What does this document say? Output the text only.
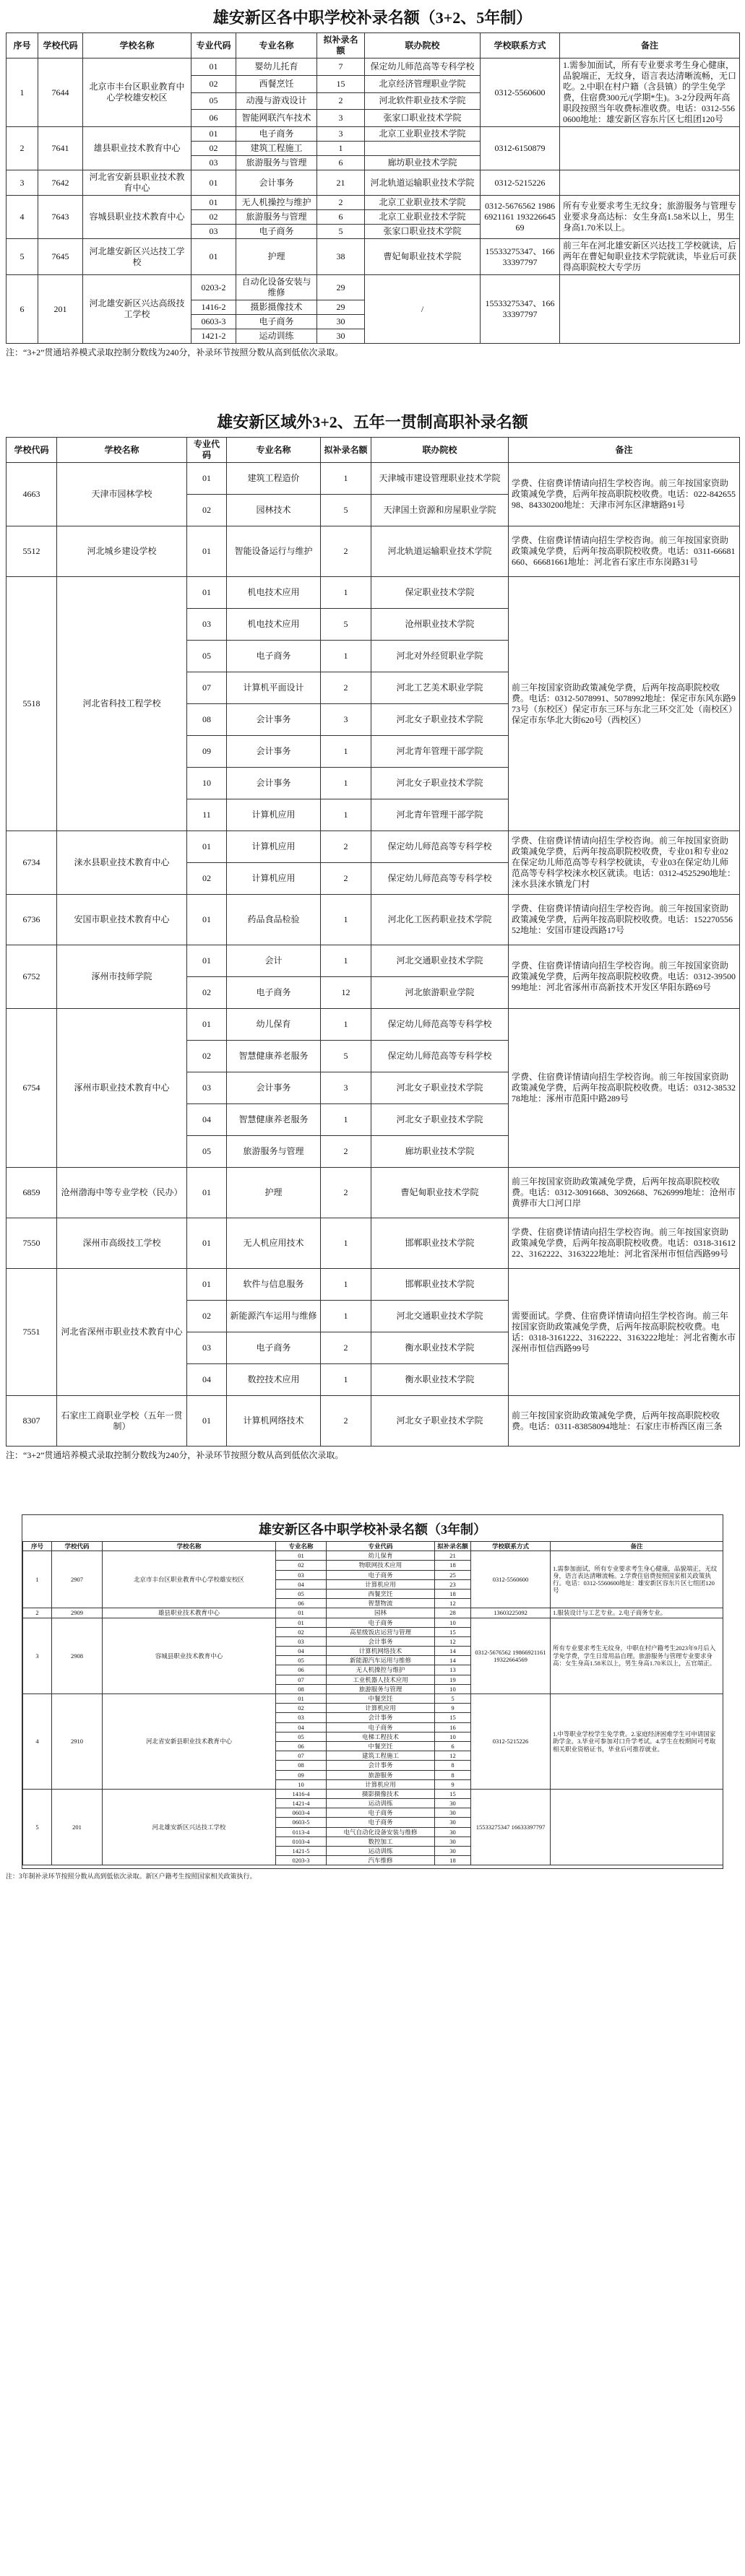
雄安新区各中职学校补录名额（3+2、5年制）
序号	学校代码	学校名称	专业代码	专业名称	拟补录名额	联办院校	学校联系方式	备注
1	7644	北京市丰台区职业教育中心学校雄安校区	01	婴幼儿托育	7	保定幼儿师范高等专科学校	0312-5560600	1.需参加面试，所有专业要求考生身心健康，品貌端正，无纹身，语言表达清晰流畅，无口吃。2.中职在村户籍（含县镇）的学生免学费，住宿费300元/(学期*生)。3-2分段两年高职段按照当年收费标准收费。电话：0312-5560600地址：雄安新区容东片区七组团120号
			02	西餐烹饪	15	北京经济管理职业学院		
			05	动漫与游戏设计	2	河北软件职业技术学院		
			06	智能网联汽车技术	3	张家口职业技术学院		
2	7641	雄县职业技术教育中心	01	电子商务	3	北京工业职业技术学院	0312-6150879	
			02	建筑工程施工	1			
			03	旅游服务与管理	6	廊坊职业技术学院		
3	7642	河北省安新县职业技术教育中心	01	会计事务	21	河北轨道运输职业技术学院	0312-5215226	
4	7643	容城县职业技术教育中心	01	无人机操控与维护	2	北京工业职业技术学院	0312-5676562 19866921161 19322664569	所有专业要求考生无纹身；旅游服务与管理专业要求身高达标：女生身高1.58米以上，男生身高1.70米以上。
			02	旅游服务与管理	6	北京工业职业技术学院		
			03	电子商务	5	张家口职业技术学院		
5	7645	河北雄安新区兴达技工学校	01	护理	38	曹妃甸职业技术学院	15533275347、16633397797	前三年在河北雄安新区兴达技工学校就读，后两年在曹妃甸职业技术学院就读，毕业后可获得高职院校大专学历
6	201	河北雄安新区兴达高级技工学校	0203-2	自动化设备安装与维修	29	/	15533275347、16633397797	
			1416-2	摄影摄像技术	29			
			0603-3	电子商务	30			
			1421-2	运动训练	30			
注：“3+2”贯通培养模式录取控制分数线为240分，补录环节按照分数从高到低依次录取。
雄安新区域外3+2、五年一贯制高职补录名额
学校代码	学校名称	专业代码	专业名称	拟补录名额	联办院校	备注
4663	天津市园林学校	01	建筑工程造价	1	天津城市建设管理职业技术学院	学费、住宿费详情请向招生学校咨询。前三年按国家资助政策减免学费，后两年按高职院校收费。电话：022-84265598、84330200地址：天津市河东区津塘路91号
		02	园林技术	5	天津国土资源和房屋职业学院	
5512	河北城乡建设学校	01	智能设备运行与维护	2	河北轨道运输职业技术学院	学费、住宿费详情请向招生学校咨询。前三年按国家资助政策减免学费，后两年按高职院校收费。电话：0311-66681660、66681661地址：河北省石家庄市东岗路31号
5518	河北省科技工程学校	01	机电技术应用	1	保定职业技术学院	前三年按国家资助政策减免学费，后两年按高职院校收费。电话：0312-5078991、5078992地址：保定市东风东路973号（东校区）保定市东三环与东北三环交汇处（南校区）保定市东华北大街620号（西校区）
		03	机电技术应用	5	沧州职业技术学院	
		05	电子商务	1	河北对外经贸职业学院	
		07	计算机平面设计	2	河北工艺美术职业学院	
		08	会计事务	3	河北女子职业技术学院	
		09	会计事务	1	河北青年管理干部学院	
		10	会计事务	1	河北女子职业技术学院	
		11	计算机应用	1	河北青年管理干部学院	
6734	涞水县职业技术教育中心	01	计算机应用	2	保定幼儿师范高等专科学校	学费、住宿费详情请向招生学校咨询。前三年按国家资助政策减免学费，后两年按高职院校收费，专业01和专业02在保定幼儿师范高等专科学校就读，专业03在保定幼儿师范高等专科学校涞水校区就读。电话：0312-4525290地址：涞水县涞水镇龙门村
		02	计算机应用	2	保定幼儿师范高等专科学校	
6736	安国市职业技术教育中心	01	药品食品检验	1	河北化工医药职业技术学院	学费、住宿费详情请向招生学校咨询。前三年按国家资助政策减免学费，后两年按高职院校收费。电话：15227055652地址：安国市建设西路17号
6752	涿州市技师学院	01	会计	1	河北交通职业技术学院	学费、住宿费详情请向招生学校咨询。前三年按国家资助政策减免学费，后两年按高职院校收费。电话：0312-3950099地址：河北省涿州市高新技术开发区华阳东路69号
		02	电子商务	12	河北旅游职业学院	
6754	涿州市职业技术教育中心	01	幼儿保育	1	保定幼儿师范高等专科学校	学费、住宿费详情请向招生学校咨询。前三年按国家资助政策减免学费，后两年按高职院校收费。电话：0312-3853278地址：涿州市范阳中路289号
		02	智慧健康养老服务	5	保定幼儿师范高等专科学校	
		03	会计事务	3	河北女子职业技术学院	
		04	智慧健康养老服务	1	河北女子职业技术学院	
		05	旅游服务与管理	2	廊坊职业技术学院	
6859	沧州渤海中等专业学校（民办）	01	护理	2	曹妃甸职业技术学院	前三年按国家资助政策减免学费，后两年按高职院校收费。电话：0312-3091668、3092668、7626999地址：沧州市黄骅市大口河口岸
7550	深州市高级技工学校	01	无人机应用技术	1	邯郸职业技术学院	学费、住宿费详情请向招生学校咨询。前三年按国家资助政策减免学费，后两年按高职院校收费。电话：0318-3161222、3162222、3163222地址：河北省深州市恒信西路99号
7551	河北省深州市职业技术教育中心	01	软件与信息服务	1	邯郸职业技术学院	需要面试。学费、住宿费详情请向招生学校咨询。前三年按国家资助政策减免学费，后两年按高职院校收费。电话：0318-3161222、3162222、3163222地址：河北省衡水市深州市恒信西路99号
		02	新能源汽车运用与维修	1	河北交通职业技术学院	
		03	电子商务	2	衡水职业技术学院	
		04	数控技术应用	1	衡水职业技术学院	
8307	石家庄工商职业学校（五年一贯制）	01	计算机网络技术	2	河北女子职业技术学院	前三年按国家资助政策减免学费，后两年按高职院校收费。电话：0311-83858094地址：石家庄市桥西区南三条
注：“3+2”贯通培养模式录取控制分数线为240分，补录环节按照分数从高到低依次录取。
雄安新区各中职学校补录名额（3年制）
序号	学校代码	学校名称	专业名称	专业代码	拟补录名额	学校联系方式	备注
1	2907	北京市丰台区职业教育中心学校雄安校区	01	幼儿保育	21	0312-5560600	1.需参加面试，所有专业要求考生身心健康，品貌端正，无纹身，语言表达清晰流畅。2.学费住宿费按照国家相关政策执行。电话：0312-5560600地址：雄安新区容东片区七组团120号
			02	物联网技术应用	18		
			03	电子商务	25		
			04	计算机应用	23		
			05	西餐烹饪	18		
			06	智慧物流	12		
2	2909	雄县职业技术教育中心	01	园林	28	13603225092	1.服装设计与工艺专业。2.电子商务专业。
3	2908	容城县职业技术教育中心	01	电子商务	10	0312-5676562 19866921161 19322664569	所有专业要求考生无纹身，中职在村户籍考生2023年9月后入学免学费，学生日常用品自理。旅游服务与管理专业要求身高：女生身高1.58米以上，男生身高1.70米以上，五官端正。
			02	高星级饭店运营与管理	15		
			03	会计事务	12		
			04	计算机网络技术	14		
			05	新能源汽车运用与维修	14		
			06	无人机操控与维护	13		
			07	工业机器人技术应用	19		
			08	旅游服务与管理	10		
4	2910	河北省安新县职业技术教育中心	01	中餐烹饪	5	0312-5215226	1.中等职业学校学生免学费。2.家庭经济困难学生可申请国家助学金。3.毕业可参加对口升学考试。4.学生在校期间可考取相关职业资格证书，毕业后可推荐就业。
			02	计算机应用	9		
			03	会计事务	15		
			04	电子商务	16		
			05	电梯工程技术	10		
			06	中餐烹饪	6		
			07	建筑工程施工	12		
			08	会计事务	8		
			09	旅游服务	8		
			10	计算机应用	9		
5	201	河北雄安新区兴达技工学校	1416-4	摄影摄像技术	15	15533275347 16633397797	
			1421-4	运动训练	30		
			0603-4	电子商务	30		
			0603-5	电子商务	30		
			0113-4	电气自动化设备安装与维修	30		
			0103-4	数控加工	30		
			1421-5	运动训练	30		
			0203-3	汽车维修	18		
注：3年制补录环节按照分数从高到低依次录取。新区户籍考生按照国家相关政策执行。
